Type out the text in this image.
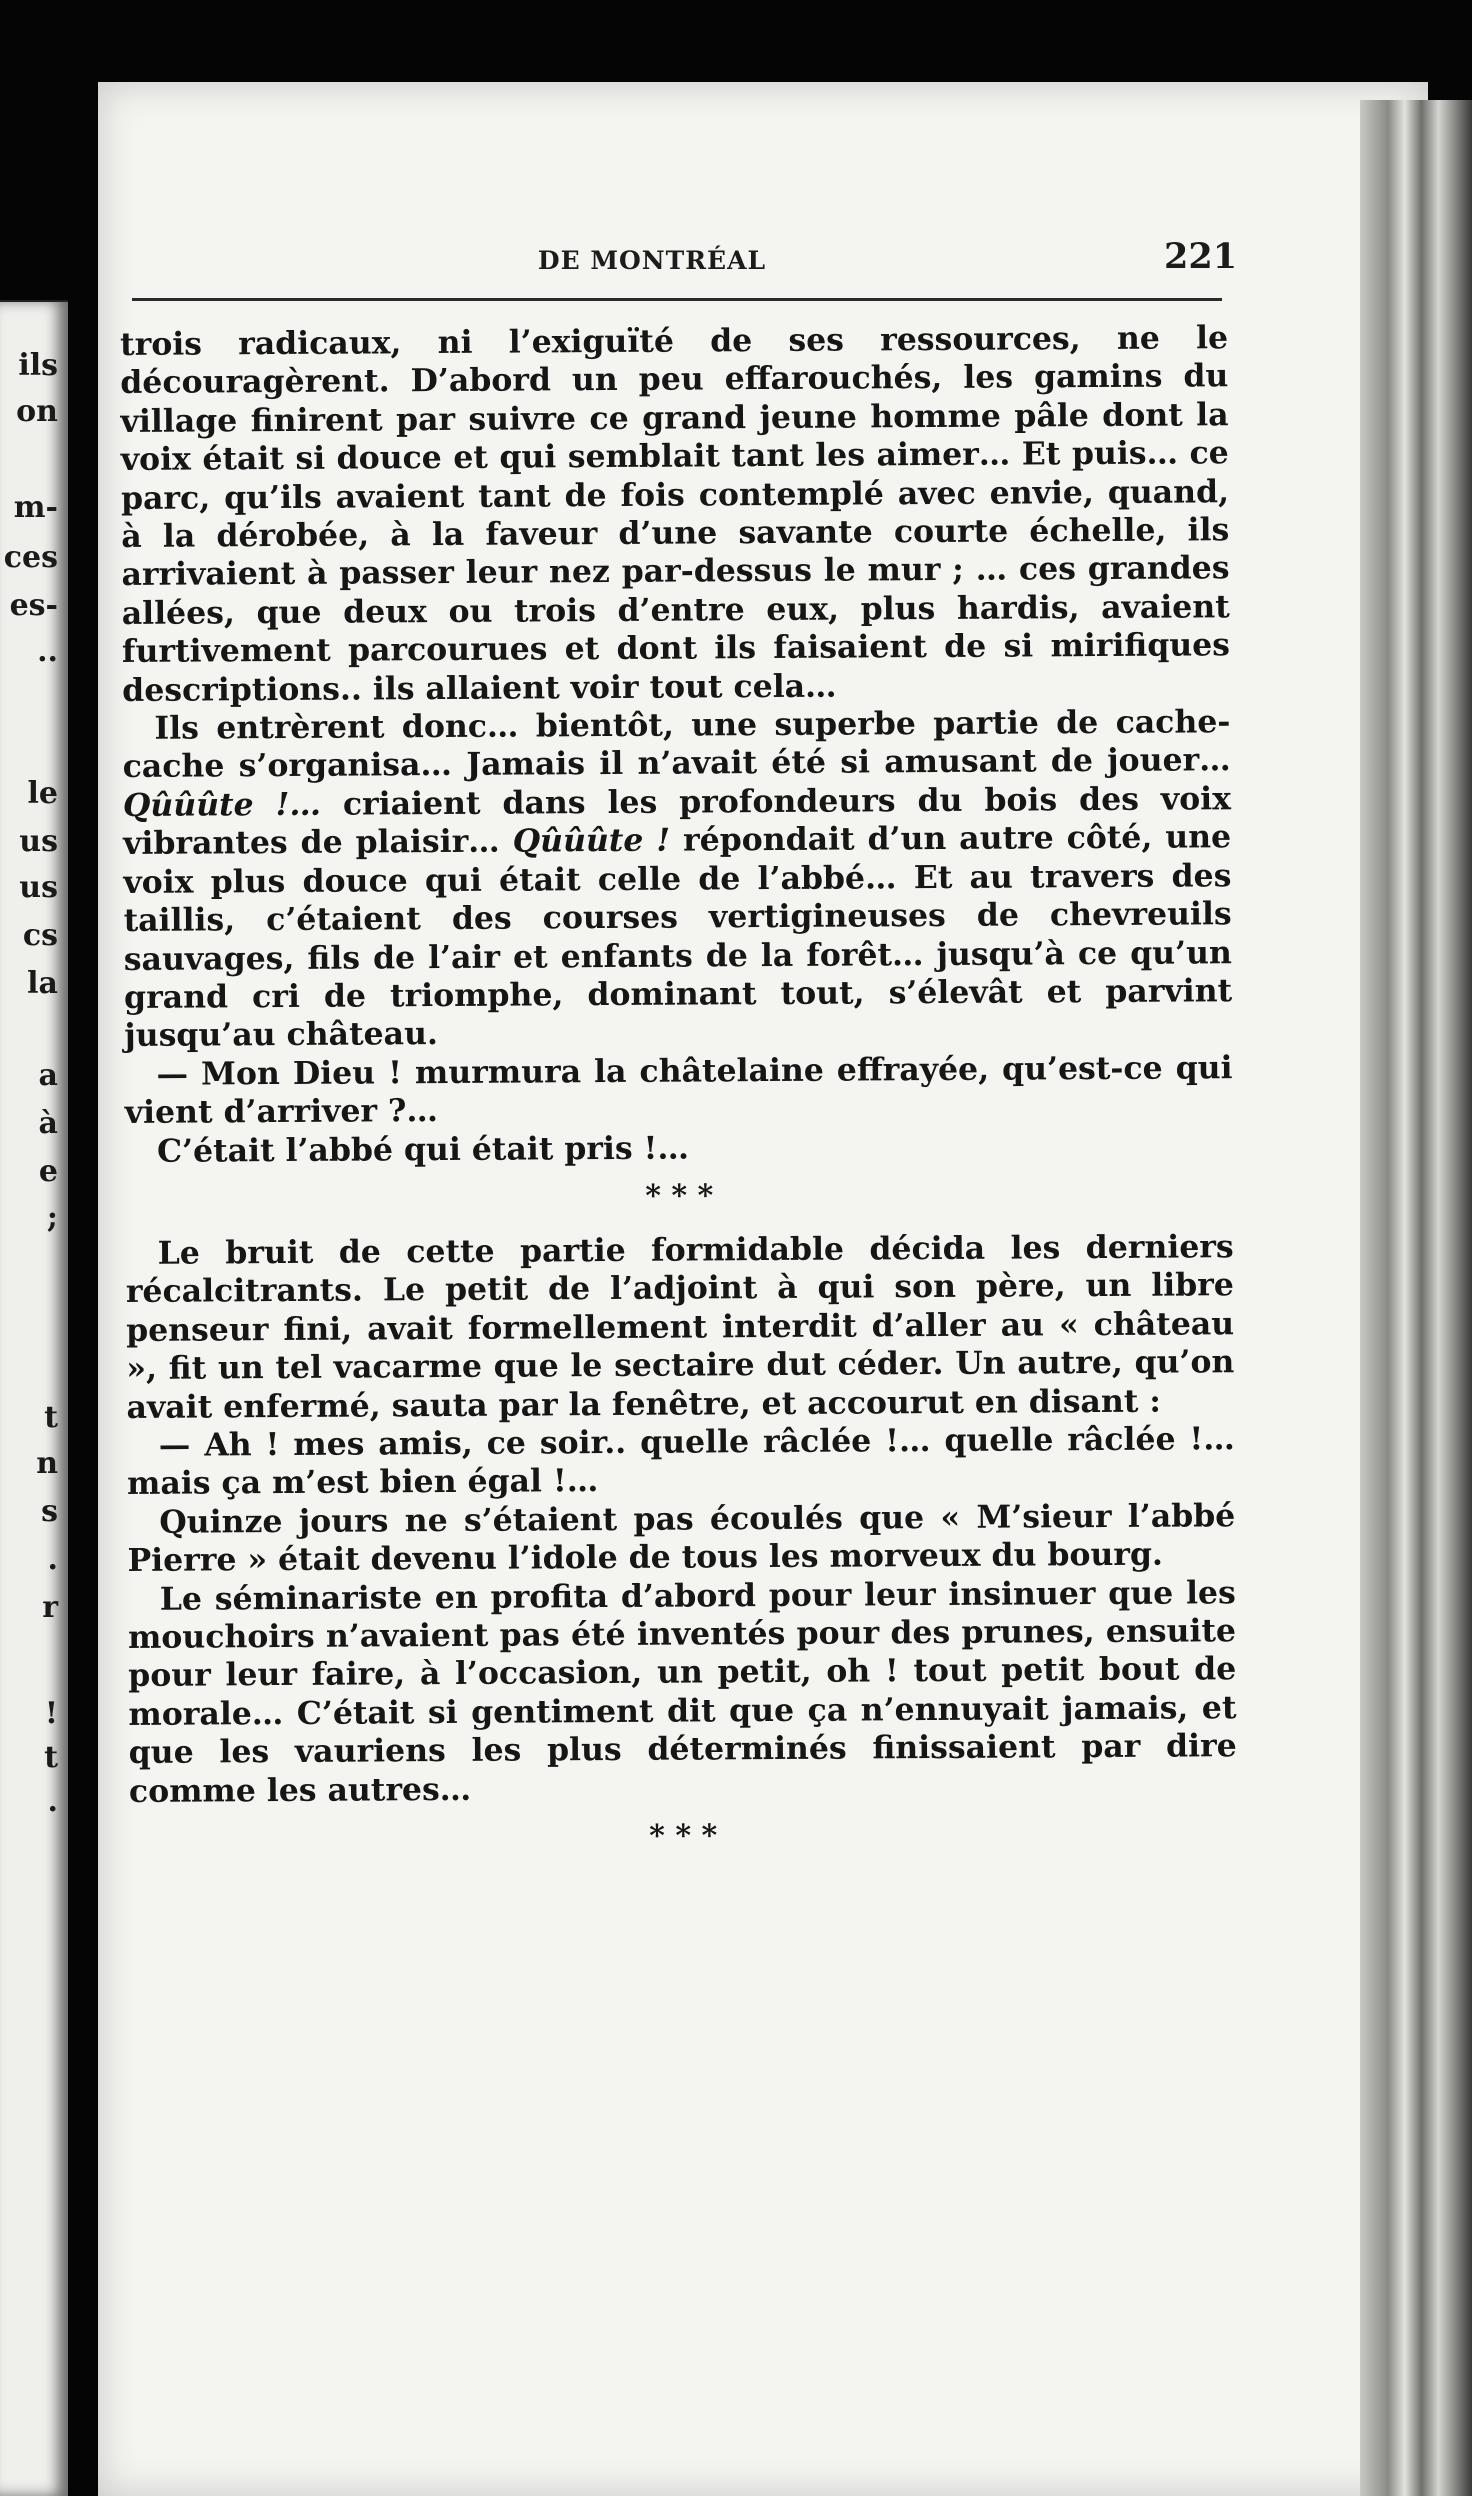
ils
on
m-
ces
es-
..
le
us
us
cs
la
a
à
e
;
t
n
s
.
r
!
t
.
DE MONTRÉAL	221

trois radicaux, ni l’exiguïté de ses ressources, ne le découragèrent. D’abord un peu effarouchés, les gamins du village finirent par suivre ce grand jeune homme pâle dont la voix était si douce et qui semblait tant les aimer… Et puis… ce parc, qu’ils avaient tant de fois contemplé avec envie, quand, à la dérobée, à la faveur d’une savante courte échelle, ils arrivaient à passer leur nez par-dessus le mur ; … ces grandes allées, que deux ou trois d’entre eux, plus hardis, avaient furtivement parcourues et dont ils faisaient de si mirifiques descriptions.. ils allaient voir tout cela…

Ils entrèrent donc… bientôt, une superbe partie de cache-cache s’organisa… Jamais il n’avait été si amusant de jouer… Qûûûte !… criaient dans les profondeurs du bois des voix vibrantes de plaisir… Qûûûte ! répondait d’un autre côté, une voix plus douce qui était celle de l’abbé… Et au travers des taillis, c’étaient des courses vertigineuses de chevreuils sauvages, fils de l’air et enfants de la forêt… jusqu’à ce qu’un grand cri de triomphe, dominant tout, s’élevât et parvint jusqu’au château.

— Mon Dieu ! murmura la châtelaine effrayée, qu’est-ce qui vient d’arriver ?…

C’était l’abbé qui était pris !…

* * *

Le bruit de cette partie formidable décida les derniers récalcitrants. Le petit de l’adjoint à qui son père, un libre penseur fini, avait formellement interdit d’aller au « château », fit un tel vacarme que le sectaire dut céder. Un autre, qu’on avait enfermé, sauta par la fenêtre, et accourut en disant :

— Ah ! mes amis, ce soir.. quelle râclée !… quelle râclée !… mais ça m’est bien égal !…

Quinze jours ne s’étaient pas écoulés que « M’sieur l’abbé Pierre » était devenu l’idole de tous les morveux du bourg.

Le séminariste en profita d’abord pour leur insinuer que les mouchoirs n’avaient pas été inventés pour des prunes, ensuite pour leur faire, à l’occasion, un petit, oh ! tout petit bout de morale… C’était si gentiment dit que ça n’ennuyait jamais, et que les vauriens les plus déterminés finissaient par dire comme les autres…

* * *
